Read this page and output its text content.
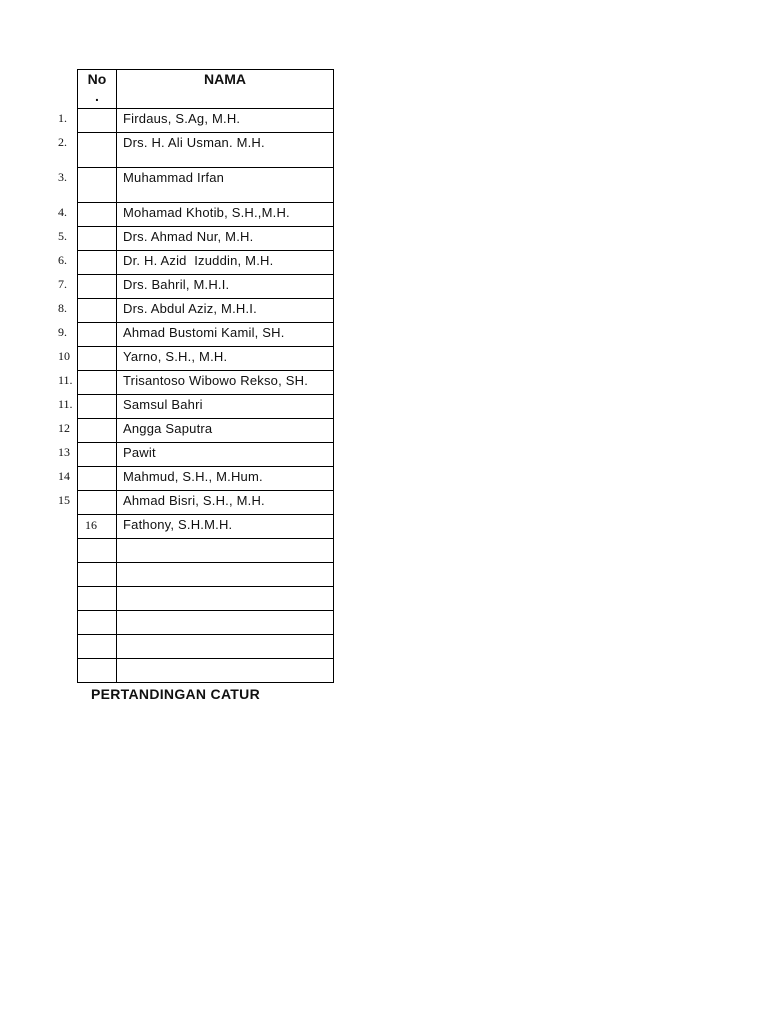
No .	NAMA

1.	Firdaus, S.Ag, M.H.

2.	Drs. H. Ali Usman. M.H.

3.	Muhammad Irfan

4.	Mohamad Khotib, S.H.,M.H.

5.	Drs. Ahmad Nur, M.H.

6.	Dr. H. Azid  Izuddin, M.H.

7.	Drs. Bahril, M.H.I.

8.	Drs. Abdul Aziz, M.H.I.

9.	Ahmad Bustomi Kamil, SH.

10	Yarno, S.H., M.H.

11.	Trisantoso Wibowo Rekso, SH.

11.	Samsul Bahri

12	Angga Saputra

13	Pawit

14	Mahmud, S.H., M.Hum.

15	Ahmad Bisri, S.H., M.H.

16	Fathony, S.H.M.H.

PERTANDINGAN CATUR
